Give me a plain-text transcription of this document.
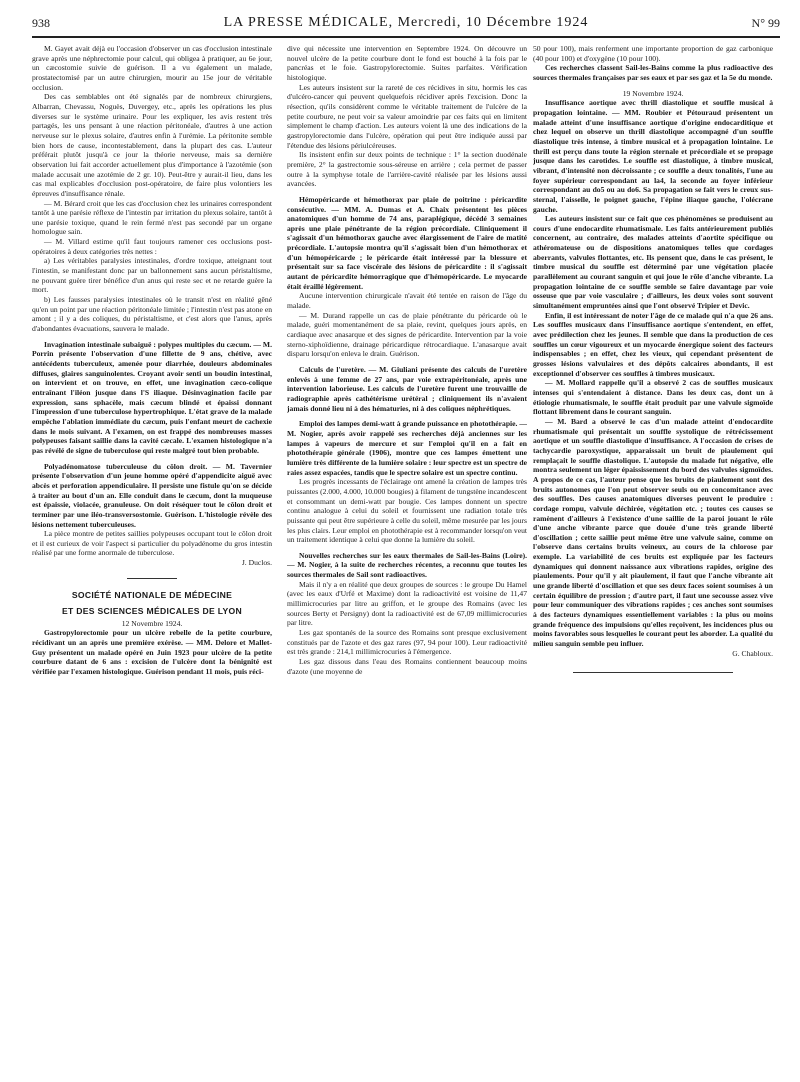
938	LA PRESSE MÉDICALE, Mercredi, 10 Décembre 1924	N° 99

M. Gayet avait déjà eu l'occasion d'observer un cas d'occlusion intestinale grave après une néphrectomie pour calcul, qui obligea à pratiquer, au 6e jour, un cæcostomie suivie de guérison. Il a vu également un malade, prostatectomisé par un autre chirurgien, mourir au 15e jour de véritable occlusion.

Des cas semblables ont été signalés par de nombreux chirurgiens, Albarran, Chevassu, Noguès, Duvergey, etc., après les opérations les plus diverses sur le système urinaire. Pour les expliquer, les avis restent très partagés, les uns pensant à une réaction péritonéale, d'autres à une action nerveuse sur le plexus solaire, d'autres enfin à l'urémie. La péritonite semble bien hors de cause, incontestablement, dans la plupart des cas. L'auteur préférait plutôt jusqu'à ce jour la théorie nerveuse, mais sa dernière observation lui fait accorder actuellement plus d'importance à l'azotémie (son malade accusait une azotémie de 2 gr. 10). Peut-être y aurait-il lieu, dans les cas mal explicables d'occlusion post-opératoire, de faire plus volontiers les épreuves d'insuffisance rénale.

— M. Bérard croit que les cas d'occlusion chez les urinaires correspondent tantôt à une parésie réflexe de l'intestin par irritation du plexus solaire, tantôt à une parésie toxique, quand le rein fermé n'est pas secondé par un organe homologue sain.

— M. Villard estime qu'il faut toujours ramener ces occlusions post-opératoires à deux catégories très nettes :

a) Les véritables paralysies intestinales, d'ordre toxique, atteignant tout l'intestin, se manifestant donc par un ballonnement sans aucun péristaltisme, ne pouvant guère tirer bénéfice d'un anus qui reste sec et ne retarde guère la mort.

b) Les fausses paralysies intestinales où le transit n'est en réalité gêné qu'en un point par une réaction péritonéale limitée ; l'intestin n'est pas atone en amont ; il y a des coliques, du péristaltisme, et c'est alors que l'anus, après d'abondantes évacuations, sauvera le malade.

Invagination intestinale subaiguë : polypes multiples du cæcum. — M. Porrin présente l'observation d'une fillette de 9 ans, chétive, avec antécédents tuberculeux, amenée pour diarrhée, douleurs abdominales diffuses, glaires sanguinolentes. Croyant avoir senti un boudin intestinal, on intervient et on trouve, en effet, une invagination cæco-colique entraînant l'iléon jusque dans l'S iliaque. Désinvagination facile par expression, sans sphacèle, mais cæcum blindé et épaissi donnant l'impression d'une tuberculose hypertrophique. L'état grave de la malade empêche l'ablation immédiate du cæcum, puis l'enfant meurt de cachexie dans le mois suivant. A l'examen, on est frappé des nombreuses masses polypeuses faisant saillie dans la cavité cæcale. L'examen histologique n'a pas révélé de signe de tuberculose qui reste malgré tout bien probable.

Polyadénomatose tuberculeuse du côlon droit. — M. Tavernier présente l'observation d'un jeune homme opéré d'appendicite aiguë avec abcès et perforation appendiculaire. Il persiste une fistule qu'on se décide à traiter au bout d'un an. Elle conduit dans le cæcum, dont la muqueuse est épaissie, violacée, granuleuse. On doit réséquer tout le côlon droit et terminer par une iléo-transversostomie. Guérison. L'histologie révèle des lésions nettement tuberculeuses.

La pièce montre de petites saillies polypeuses occupant tout le côlon droit et il est curieux de voir l'aspect si particulier du polyadénome du gros intestin réalisé par une forme anormale de tuberculose.

J. Duclos.

SOCIÉTÉ NATIONALE DE MÉDECINE
ET DES SCIENCES MÉDICALES DE LYON

12 Novembre 1924.

Gastropylorectomie pour un ulcère rebelle de la petite courbure, récidivant un an après une première exérèse. — MM. Delore et Mallet-Guy présentent un malade opéré en Juin 1923 pour ulcère de la petite courbure datant de 6 ans : excision de l'ulcère dont la bénignité est vérifiée par l'examen histologique. Guérison pendant 11 mois, puis réci-

dive qui nécessite une intervention en Septembre 1924. On découvre un nouvel ulcère de la petite courbure dont le fond est bouché à la fois par le pancréas et le foie. Gastropylorectomie. Suites parfaites. Vérification histologique.

Les auteurs insistent sur la rareté de ces récidives in situ, hormis les cas d'ulcéro-cancer qui peuvent quelquefois récidiver après l'excision. Donc la résection, qu'ils considèrent comme le véritable traitement de l'ulcère de la petite courbure, ne peut voir sa valeur amoindrie par ces faits qui en limitent simplement le champ d'action. Les auteurs voient là une des indications de la gastropylorectomie dans l'ulcère, opération qui peut être indiquée aussi par l'étendue des lésions périulcéreuses.

Ils insistent enfin sur deux points de technique : 1° la section duodénale première, 2° la gastrectomie sous-séreuse en arrière ; cela permet de passer outre à la symphyse totale de l'arrière-cavité réalisée par les lésions aussi avancées.

Hémopéricarde et hémothorax par plaie de poitrine : péricardite consécutive. — MM. A. Dumas et A. Chaix présentent les pièces anatomiques d'un homme de 74 ans, paraplégique, décédé 3 semaines après une plaie pénétrante de la région précordiale. Cliniquement il s'agissait d'un hémothorax gauche avec élargissement de l'aire de matité précordiale. L'autopsie montra qu'il s'agissait bien d'un hémothorax et d'un hémopéricarde ; le péricarde était intéressé par la blessure et présentait sur sa face viscérale des lésions de péricardite : il s'agissait autant de péricardite hémorragique que d'hémopéricarde. Le myocarde était éraillé légèrement.

Aucune intervention chirurgicale n'avait été tentée en raison de l'âge du malade.

— M. Durand rappelle un cas de plaie pénétrante du péricarde où le malade, guéri momentanément de sa plaie, revint, quelques jours après, en cardiaque avec anasarque et des signes de péricardite. Intervention par la voie sterno-xiphoïdienne, drainage péricardique rétrocardiaque. L'anasarque avait disparu lorsqu'on enleva le drain. Guérison.

Calculs de l'uretère. — M. Giuliani présente des calculs de l'uretère enlevés à une femme de 27 ans, par voie extrapéritonéale, après une intervention laborieuse. Les calculs de l'uretère furent une trouvaille de radiographie après cathétérisme urétéral ; cliniquement ils n'avaient jamais donné lieu ni à des hématuries, ni à des coliques néphrétiques.

Emploi des lampes demi-watt à grande puissance en photothérapie. — M. Nogier, après avoir rappelé ses recherches déjà anciennes sur les lampes à vapeurs de mercure et sur l'emploi qu'il en a fait en photothérapie générale (1906), montre que ces lampes émettent une lumière très différente de la lumière solaire : leur spectre est un spectre de raies assez espacées, tandis que le spectre solaire est un spectre continu.

Les progrès incessants de l'éclairage ont amené la création de lampes très puissantes (2.000, 4.000, 10.000 bougies) à filament de tungstène incandescent et consommant un demi-watt par bougie. Ces lampes donnent un spectre continu analogue à celui du soleil et fournissent une radiation totale très puissante qui peut être supérieure à celle du soleil, même mesurée par les jours les plus clairs. Leur emploi en photothérapie est à recommander lorsqu'on veut un traitement identique à celui que donne la lumière du soleil.

Nouvelles recherches sur les eaux thermales de Sail-les-Bains (Loire). — M. Nogier, à la suite de recherches récentes, a reconnu que toutes les sources thermales de Sail sont radioactives.

Mais il n'y a en réalité que deux groupes de sources : le groupe Du Hamel (avec les eaux d'Urfé et Maxime) dont la radioactivité est voisine de 11,47 millimicrocuries par litre au griffon, et le groupe des Romains (avec les sources Berty et Persigny) dont la radioactivité est de 67,09 millimicrocuries par litre.

Les gaz spontanés de la source des Romains sont presque exclusivement constitués par de l'azote et des gaz rares (97, 94 pour 100). Leur radioactivité est très grande : 214,1 millimicrocuries à l'émergence.

Les gaz dissous dans l'eau des Romains contiennent beaucoup moins d'azote (une moyenne de

50 pour 100), mais renferment une importante proportion de gaz carbonique (40 pour 100) et d'oxygène (10 pour 100).

Ces recherches classent Sail-les-Bains comme la plus radioactive des sources thermales françaises par ses eaux et par ses gaz et la 5e du monde.

19 Novembre 1924.

Insuffisance aortique avec thrill diastolique et souffle musical à propagation lointaine. — MM. Roubier et Pétouraud présentent un malade atteint d'une insuffisance aortique d'origine endocarditique et chez lequel on observe un thrill diastolique accompagné d'un souffle diastolique très intense, à timbre musical et à propagation lointaine. Le thrill est perçu dans toute la région sternale et précordiale et se propage jusque dans les carotides. Le souffle est diastolique, à timbre musical, vibrant, d'intensité non décroissante ; ce souffle a deux tonalités, l'une au foyer supérieur correspondant au la4, la seconde au foyer inférieur correspondant au do5 ou au do6. Sa propagation se fait vers le creux sus-sternal, l'aisselle, le poignet gauche, l'épine iliaque gauche, l'olécrane gauche.

Les auteurs insistent sur ce fait que ces phénomènes se produisent au cours d'une endocardite rhumatismale. Les faits antérieurement publiés concernent, au contraire, des malades atteints d'aortite spécifique ou athéromateuse ou de dispositions anatomiques telles que cordages aberrants, valvules flottantes, etc. Ils pensent que, dans le cas présent, le timbre musical du souffle est déterminé par une végétation placée parallèlement au courant sanguin et qui joue le rôle d'anche vibrante. La propagation lointaine de ce souffle semble se faire davantage par voie osseuse que par voie vasculaire ; d'ailleurs, les deux voies sont souvent simultanément empruntées ainsi que l'ont observé Tripier et Devic.

Enfin, il est intéressant de noter l'âge de ce malade qui n'a que 26 ans. Les souffles musicaux dans l'insuffisance aortique s'entendent, en effet, avec prédilection chez les jeunes. Il semble que dans la production de ces souffles un cœur vigoureux et un myocarde énergique soient des facteurs indispensables ; en effet, chez les vieux, qui cependant présentent de grosses lésions valvulaires et des dépôts calcaires abondants, il est exceptionnel d'observer ces souffles à timbres musicaux.

— M. Mollard rappelle qu'il a observé 2 cas de souffles musicaux intenses qui s'entendaient à distance. Dans les deux cas, dont un à étiologie rhumatismale, le souffle était produit par une valvule sigmoïde flottant librement dans le courant sanguin.

— M. Bard a observé le cas d'un malade atteint d'endocardite rhumatismale qui présentait un souffle systolique de rétrécissement aortique et un souffle diastolique d'insuffisance. A l'occasion de crises de tachycardie paroxystique, apparaissait un bruit de piaulement qui remplaçait le souffle diastolique. L'autopsie du malade fut négative, elle montra seulement un léger épaississement du bord des valvules sigmoïdes. A propos de ce cas, l'auteur pense que les bruits de piaulement sont des bruits autonomes que l'on peut observer seuls ou en concomitance avec des souffles. Des causes anatomiques diverses peuvent le produire : cordage rompu, valvule déchirée, végétation etc. ; toutes ces causes se ramènent d'ailleurs à l'existence d'une saillie de la paroi jouant le rôle d'une anche vibrante parce que douée d'une très grande liberté d'oscillation ; cette saillie peut même être une valvule saine, comme on l'observe dans certains bruits veineux, au cours de la chlorose par exemple. La variabilité de ces bruits est expliquée par les facteurs dynamiques qui donnent naissance aux vibrations rapides, origine des piaulements. Pour qu'il y ait piaulement, il faut que l'anche vibrante ait une grande liberté d'oscillation et que ses deux faces soient soumises à un certain équilibre de pression ; d'autre part, il faut une secousse assez vive pour leur communiquer des vibrations rapides ; ces anches sont soumises à des facteurs dynamiques essentiellement variables : la plus ou moins grande fréquence des impulsions qu'elles reçoivent, les incidences plus ou moins favorables sous lesquelles le courant peut les aborder. La qualité du milieu sanguin semble peu influer.

G. Chabloux.
